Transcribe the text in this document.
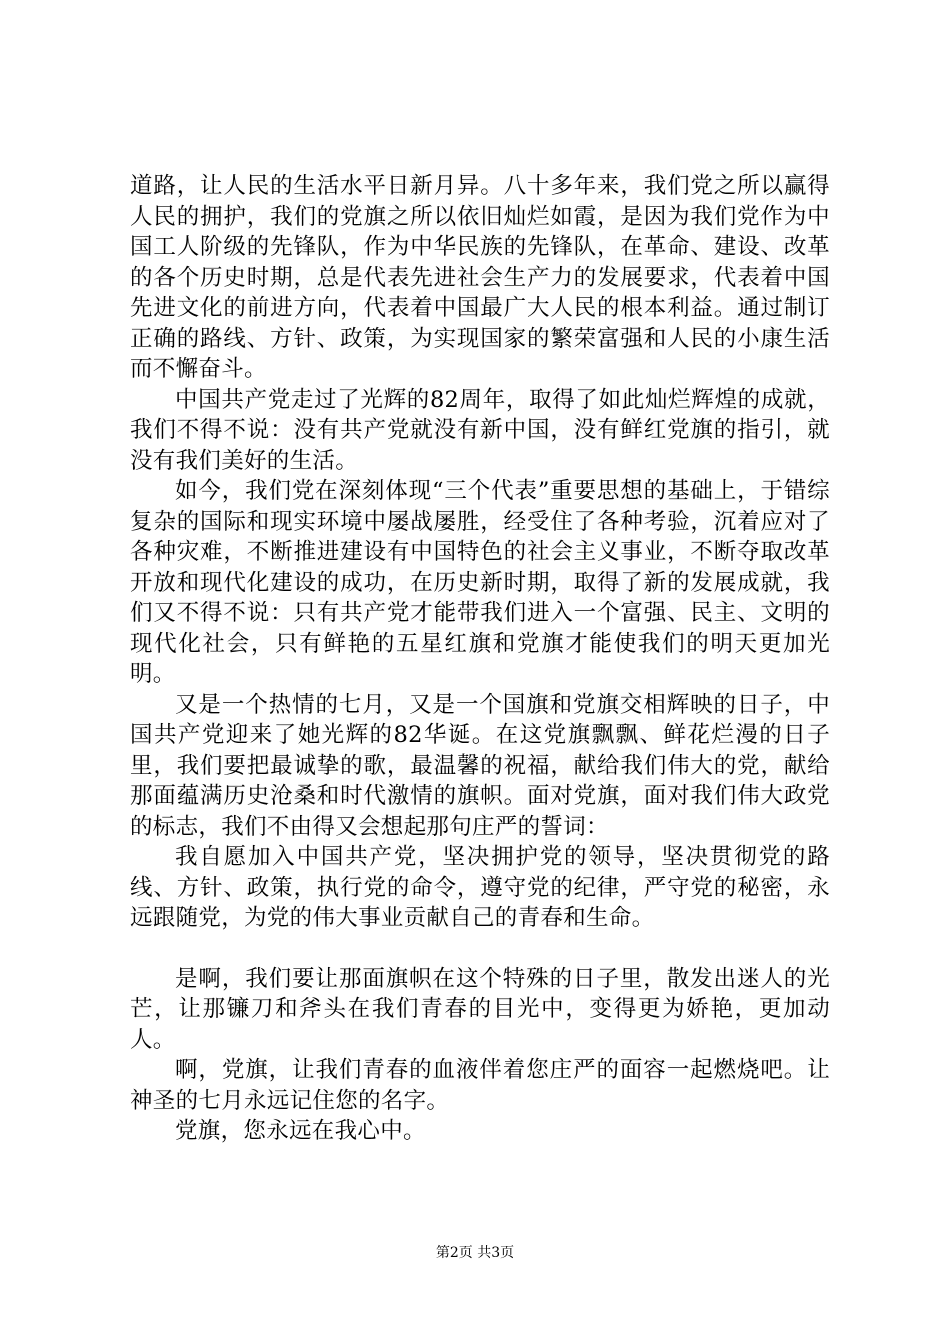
道路，让人民的生活水平日新月异。八十多年来，我们党之所以赢得人民的拥护，我们的党旗之所以依旧灿烂如霞，是因为我们党作为中国工人阶级的先锋队，作为中华民族的先锋队，在革命、建设、改革的各个历史时期，总是代表先进社会生产力的发展要求，代表着中国先进文化的前进方向，代表着中国最广大人民的根本利益。通过制订正确的路线、方针、政策，为实现国家的繁荣富强和人民的小康生活而不懈奋斗。

中国共产党走过了光辉的82周年，取得了如此灿烂辉煌的成就，我们不得不说：没有共产党就没有新中国，没有鲜红党旗的指引，就没有我们美好的生活。

如今，我们党在深刻体现“三个代表”重要思想的基础上，于错综复杂的国际和现实环境中屡战屡胜，经受住了各种考验，沉着应对了各种灾难，不断推进建设有中国特色的社会主义事业，不断夺取改革开放和现代化建设的成功，在历史新时期，取得了新的发展成就，我们又不得不说：只有共产党才能带我们进入一个富强、民主、文明的现代化社会，只有鲜艳的五星红旗和党旗才能使我们的明天更加光明。

又是一个热情的七月，又是一个国旗和党旗交相辉映的日子，中国共产党迎来了她光辉的82华诞。在这党旗飘飘、鲜花烂漫的日子里，我们要把最诚挚的歌，最温馨的祝福，献给我们伟大的党，献给那面蕴满历史沧桑和时代激情的旗帜。面对党旗，面对我们伟大政党的标志，我们不由得又会想起那句庄严的誓词：

我自愿加入中国共产党，坚决拥护党的领导，坚决贯彻党的路线、方针、政策，执行党的命令，遵守党的纪律，严守党的秘密，永远跟随党，为党的伟大事业贡献自己的青春和生命。

是啊，我们要让那面旗帜在这个特殊的日子里，散发出迷人的光芒，让那镰刀和斧头在我们青春的目光中，变得更为娇艳，更加动人。

啊，党旗，让我们青春的血液伴着您庄严的面容一起燃烧吧。让神圣的七月永远记住您的名字。

党旗，您永远在我心中。

第2页 共3页
